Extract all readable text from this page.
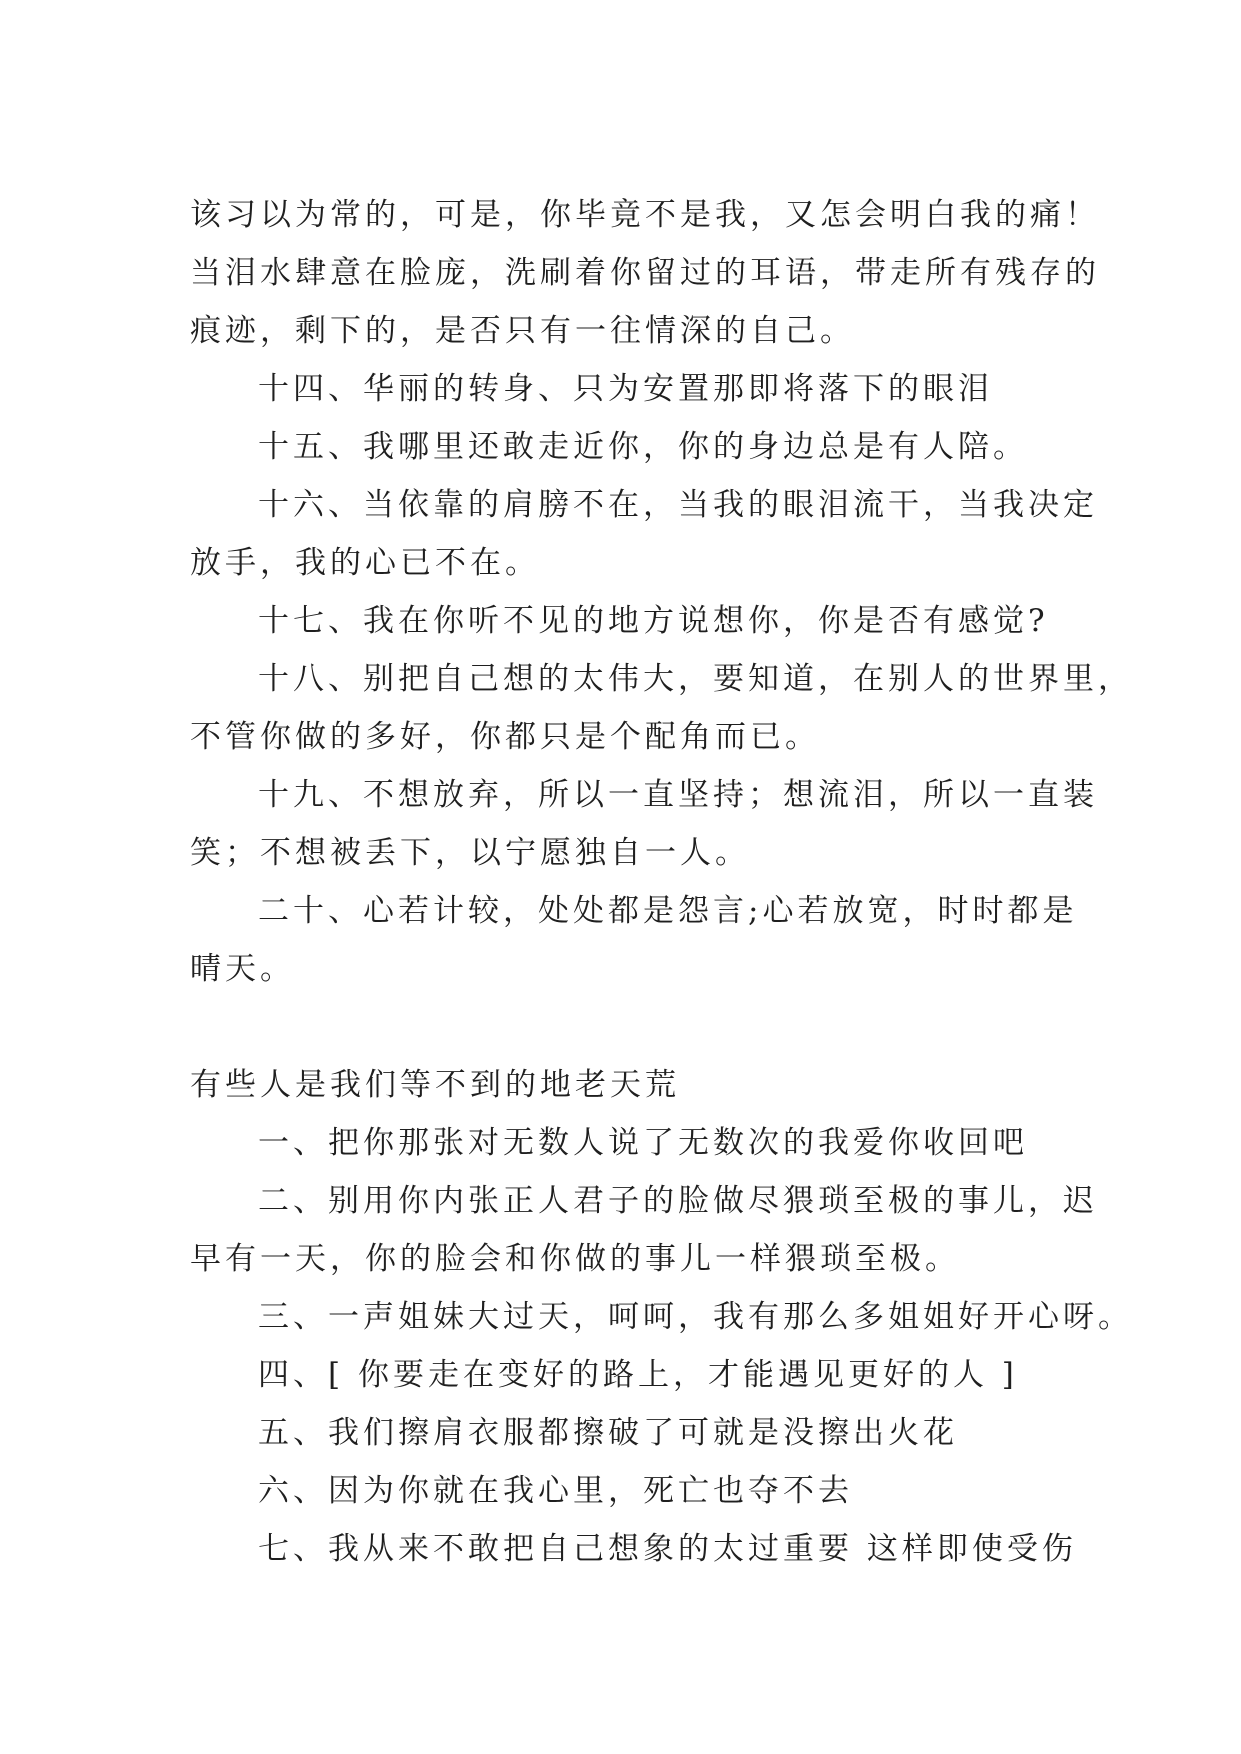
该习以为常的，可是，你毕竟不是我，又怎会明白我的痛！
当泪水肆意在脸庞，洗刷着你留过的耳语，带走所有残存的
痕迹，剩下的，是否只有一往情深的自己。
十四、华丽的转身、只为安置那即将落下的眼泪
十五、我哪里还敢走近你，你的身边总是有人陪。
十六、当依靠的肩膀不在，当我的眼泪流干，当我决定
放手，我的心已不在。
十七、我在你听不见的地方说想你，你是否有感觉?
十八、别把自己想的太伟大，要知道，在别人的世界里，
不管你做的多好，你都只是个配角而已。
十九、不想放弃，所以一直坚持；想流泪，所以一直装
笑；不想被丢下，以宁愿独自一人。
二十、心若计较，处处都是怨言;心若放宽，时时都是
晴天。
有些人是我们等不到的地老天荒
一、把你那张对无数人说了无数次的我爱你收回吧
二、别用你内张正人君子的脸做尽猥琐至极的事儿，迟
早有一天，你的脸会和你做的事儿一样猥琐至极。
三、一声姐妹大过天，呵呵，我有那么多姐姐好开心呀。
四、[ 你要走在变好的路上，才能遇见更好的人 ]
五、我们擦肩衣服都擦破了可就是没擦出火花
六、因为你就在我心里，死亡也夺不去
七、我从来不敢把自己想象的太过重要 这样即使受伤
